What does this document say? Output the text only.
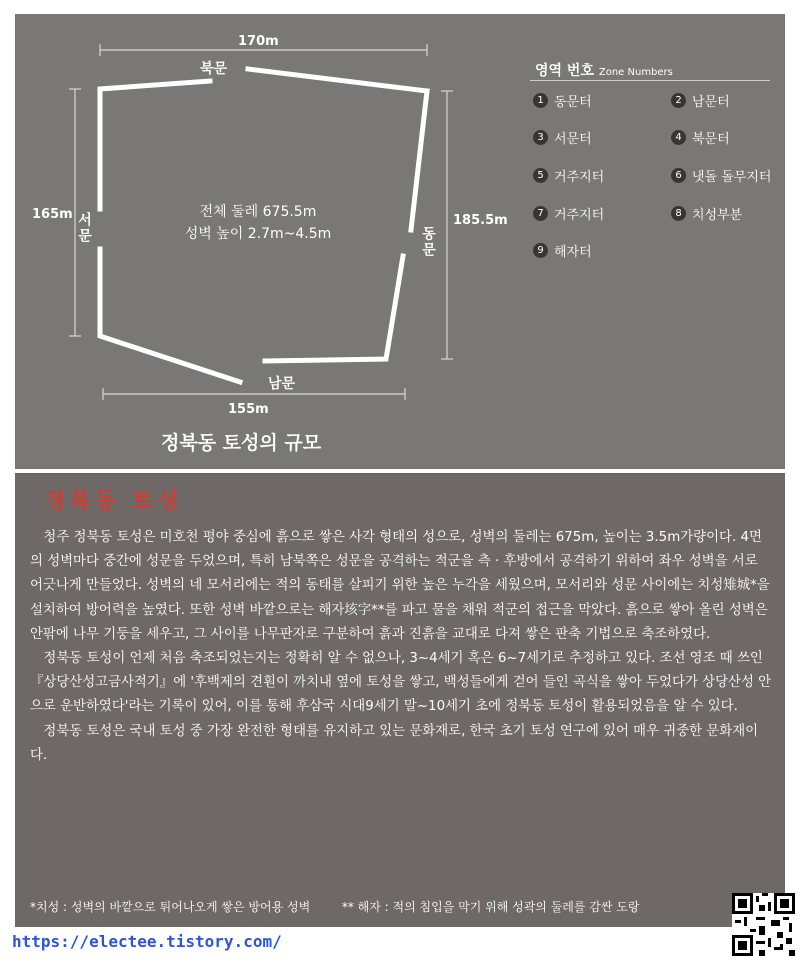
170m
165m	185.5m
155m
북문
남문
서문	동문
전체 둘레 675.5m
성벽 높이 2.7m~4.5m
정북동 토성의 규모
영역 번호 Zone Numbers
1 동문터	2 남문터
3 서문터	4 북문터
5 거주지터	6 냇돌 돌무지터
7 거주지터	8 치성부분
9 해자터
정북동 토성

청주 정북동 토성은 미호천 평야 중심에 흙으로 쌓은 사각 형태의 성으로, 성벽의 둘레는 675m, 높이는 3.5m가량이다. 4면의 성벽마다 중간에 성문을 두었으며, 특히 남북쪽은 성문을 공격하는 적군을 측 · 후방에서 공격하기 위하여 좌우 성벽을 서로 어긋나게 만들었다. 성벽의 네 모서리에는 적의 동태를 살피기 위한 높은 누각을 세웠으며, 모서리와 성문 사이에는 치성雉城*을 설치하여 방어력을 높였다. 또한 성벽 바깥으로는 해자垓字**를 파고 물을 채워 적군의 접근을 막았다. 흙으로 쌓아 올린 성벽은 안팎에 나무 기둥을 세우고, 그 사이를 나무판자로 구분하여 흙과 진흙을 교대로 다져 쌓은 판축 기법으로 축조하였다.

정북동 토성이 언제 처음 축조되었는지는 정확히 알 수 없으나, 3~4세기 혹은 6~7세기로 추정하고 있다. 조선 영조 때 쓰인 『상당산성고금사적기』에 '후백제의 견훤이 까치내 옆에 토성을 쌓고, 백성들에게 걷어 들인 곡식을 쌓아 두었다가 상당산성 안으로 운반하였다'라는 기록이 있어, 이를 통해 후삼국 시대9세기 말~10세기 초에 정북동 토성이 활용되었음을 알 수 있다.

정북동 토성은 국내 토성 중 가장 완전한 형태를 유지하고 있는 문화재로, 한국 초기 토성 연구에 있어 매우 귀중한 문화재이다.

*치성 : 성벽의 바깥으로 튀어나오게 쌓은 방어용 성벽	** 해자 : 적의 침입을 막기 위해 성곽의 둘레를 감싼 도랑
https://electee.tistory.com/
